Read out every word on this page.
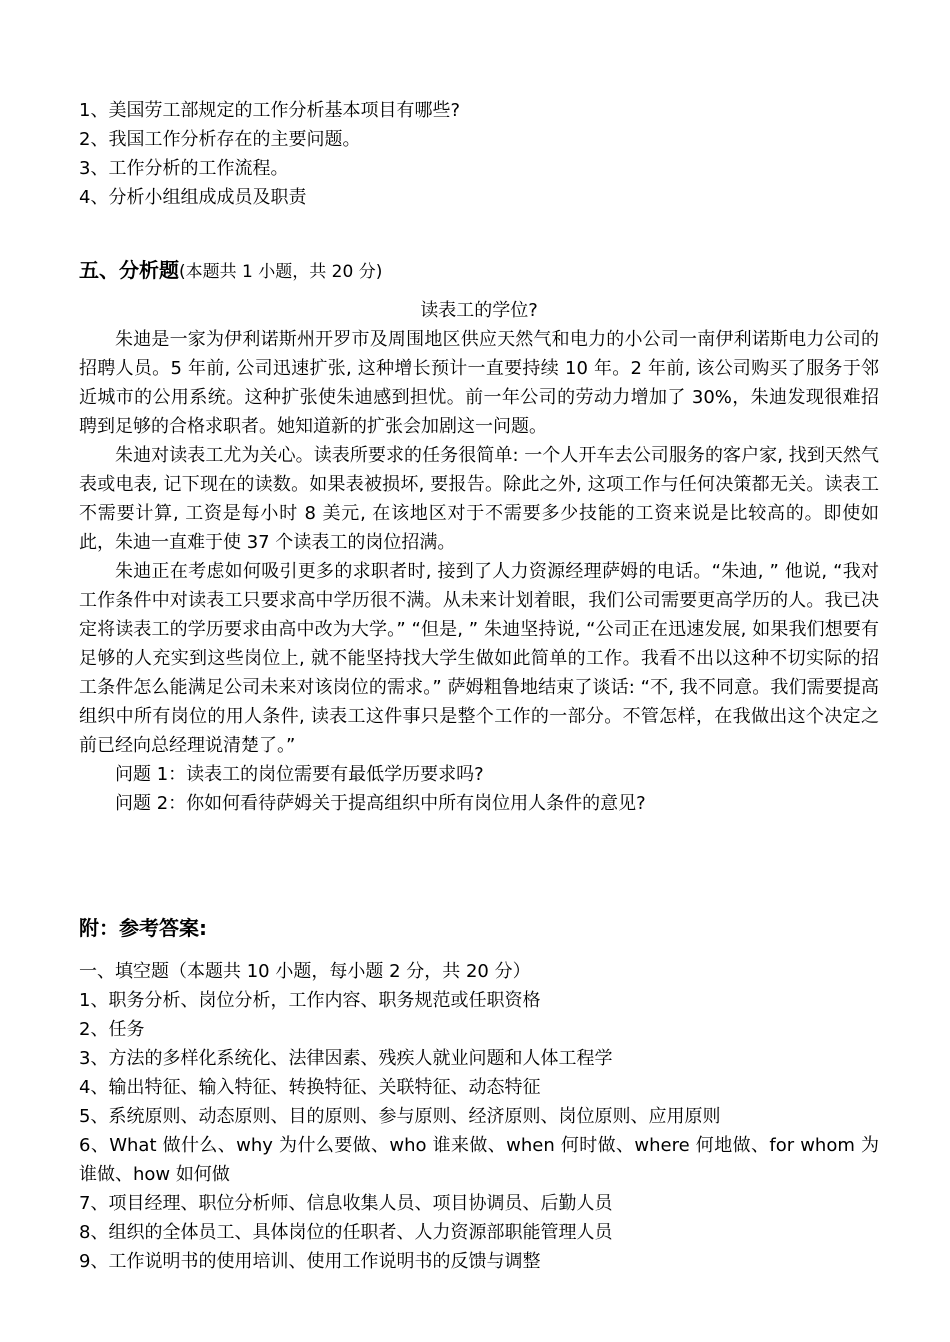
1、美国劳工部规定的工作分析基本项目有哪些?
2、我国工作分析存在的主要问题。
3、工作分析的工作流程。
4、分析小组组成成员及职责
五、分析题(本题共 1 小题，共 20 分)
读表工的学位?

朱迪是一家为伊利诺斯州开罗市及周围地区供应天然气和电力的小公司一南伊利诺斯电力公司的招聘人员。5 年前, 公司迅速扩张, 这种增长预计一直要持续 10 年。2 年前, 该公司购买了服务于邻近城市的公用系统。这种扩张使朱迪感到担忧。前一年公司的劳动力增加了 30%，朱迪发现很难招聘到足够的合格求职者。她知道新的扩张会加剧这一问题。

朱迪对读表工尤为关心。读表所要求的任务很简单: 一个人开车去公司服务的客户家, 找到天然气表或电表, 记下现在的读数。如果表被损坏, 要报告。除此之外, 这项工作与任何决策都无关。读表工不需要计算, 工资是每小时 8 美元, 在该地区对于不需要多少技能的工资来说是比较高的。即使如此，朱迪一直难于使 37 个读表工的岗位招满。

朱迪正在考虑如何吸引更多的求职者时, 接到了人力资源经理萨姆的电话。“朱迪, ” 他说, “我对工作条件中对读表工只要求高中学历很不满。从未来计划着眼，我们公司需要更高学历的人。我已决定将读表工的学历要求由高中改为大学。” “但是, ” 朱迪坚持说, “公司正在迅速发展, 如果我们想要有足够的人充实到这些岗位上, 就不能坚持找大学生做如此简单的工作。我看不出以这种不切实际的招工条件怎么能满足公司未来对该岗位的需求。” 萨姆粗鲁地结束了谈话: “不, 我不同意。我们需要提高组织中所有岗位的用人条件, 读表工这件事只是整个工作的一部分。不管怎样，在我做出这个决定之前已经向总经理说清楚了。”

问题 1：读表工的岗位需要有最低学历要求吗?
问题 2：你如何看待萨姆关于提高组织中所有岗位用人条件的意见?
附：参考答案:
一、填空题（本题共 10 小题，每小题 2 分，共 20 分）
1、职务分析、岗位分析，工作内容、职务规范或任职资格
2、任务
3、方法的多样化系统化、法律因素、残疾人就业问题和人体工程学
4、输出特征、输入特征、转换特征、关联特征、动态特征
5、系统原则、动态原则、目的原则、参与原则、经济原则、岗位原则、应用原则

6、What 做什么、why 为什么要做、who 谁来做、when 何时做、where 何地做、for whom 为谁做、how 如何做

7、项目经理、职位分析师、信息收集人员、项目协调员、后勤人员
8、组织的全体员工、具体岗位的任职者、人力资源部职能管理人员
9、工作说明书的使用培训、使用工作说明书的反馈与调整
